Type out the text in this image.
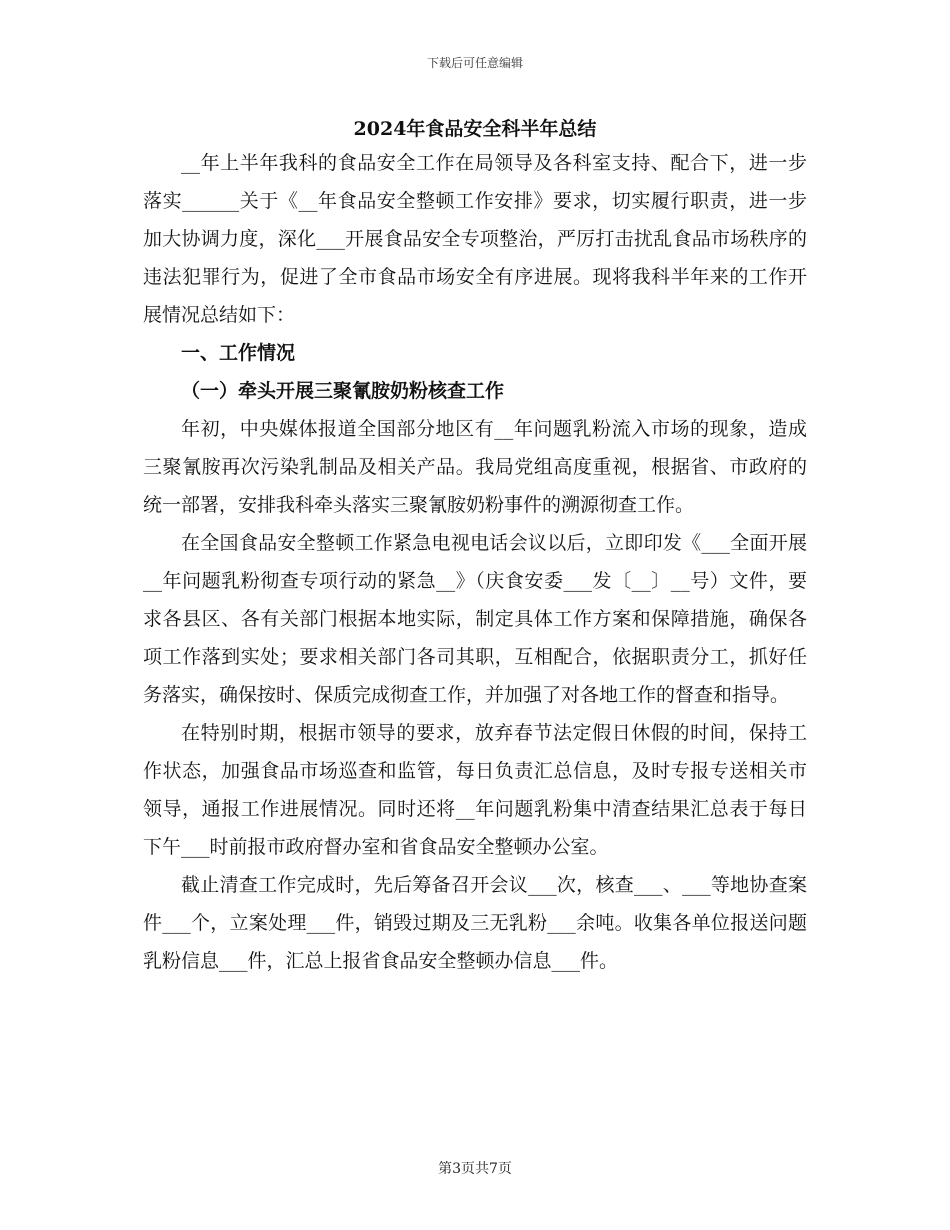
下载后可任意编辑
2024年食品安全科半年总结

__年上半年我科的食品安全工作在局领导及各科室支持、配合下，进一步落实______关于《__年食品安全整顿工作安排》要求，切实履行职责，进一步加大协调力度，深化___开展食品安全专项整治，严厉打击扰乱食品市场秩序的违法犯罪行为，促进了全市食品市场安全有序进展。现将我科半年来的工作开展情况总结如下：

一、工作情况

（一）牵头开展三聚氰胺奶粉核查工作

年初，中央媒体报道全国部分地区有__年问题乳粉流入市场的现象，造成三聚氰胺再次污染乳制品及相关产品。我局党组高度重视，根据省、市政府的统一部署，安排我科牵头落实三聚氰胺奶粉事件的溯源彻查工作。

在全国食品安全整顿工作紧急电视电话会议以后，立即印发《___全面开展__年问题乳粉彻查专项行动的紧急__》（庆食安委___发〔__〕__号）文件，要求各县区、各有关部门根据本地实际，制定具体工作方案和保障措施，确保各项工作落到实处；要求相关部门各司其职，互相配合，依据职责分工，抓好任务落实，确保按时、保质完成彻查工作，并加强了对各地工作的督查和指导。

在特别时期，根据市领导的要求，放弃春节法定假日休假的时间，保持工作状态，加强食品市场巡查和监管，每日负责汇总信息，及时专报专送相关市领导，通报工作进展情况。同时还将__年问题乳粉集中清查结果汇总表于每日下午___时前报市政府督办室和省食品安全整顿办公室。

截止清查工作完成时，先后筹备召开会议___次，核查___、___等地协查案件___个，立案处理___件，销毁过期及三无乳粉___余吨。收集各单位报送问题乳粉信息___件，汇总上报省食品安全整顿办信息___件。

第3页共7页
